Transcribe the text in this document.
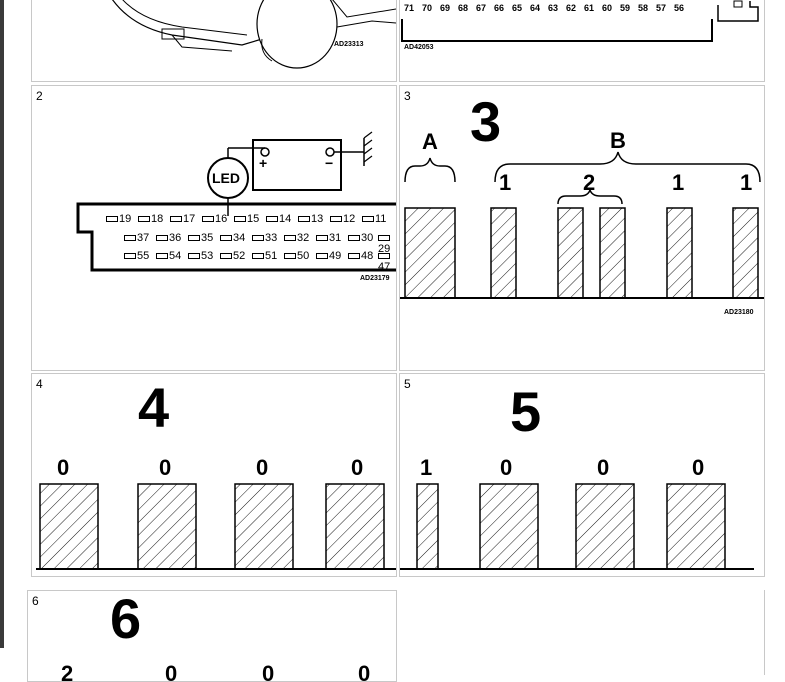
AD23313
71 70 69 68 67 66 65 64 63 62 61 60 59 58 57 56
AD42053
2
LED
+	−
19	18	17	16	15	14	13	12	11
37	36	35	34	33	32	31	30
29
55	54	53	52	51	50	49	48
47
AD23179
3 3
A	B
1	2	1	1
AD23180
4 4
0	0	0	0
5 5
1	0	0	0
6 6
2	0	0	0
